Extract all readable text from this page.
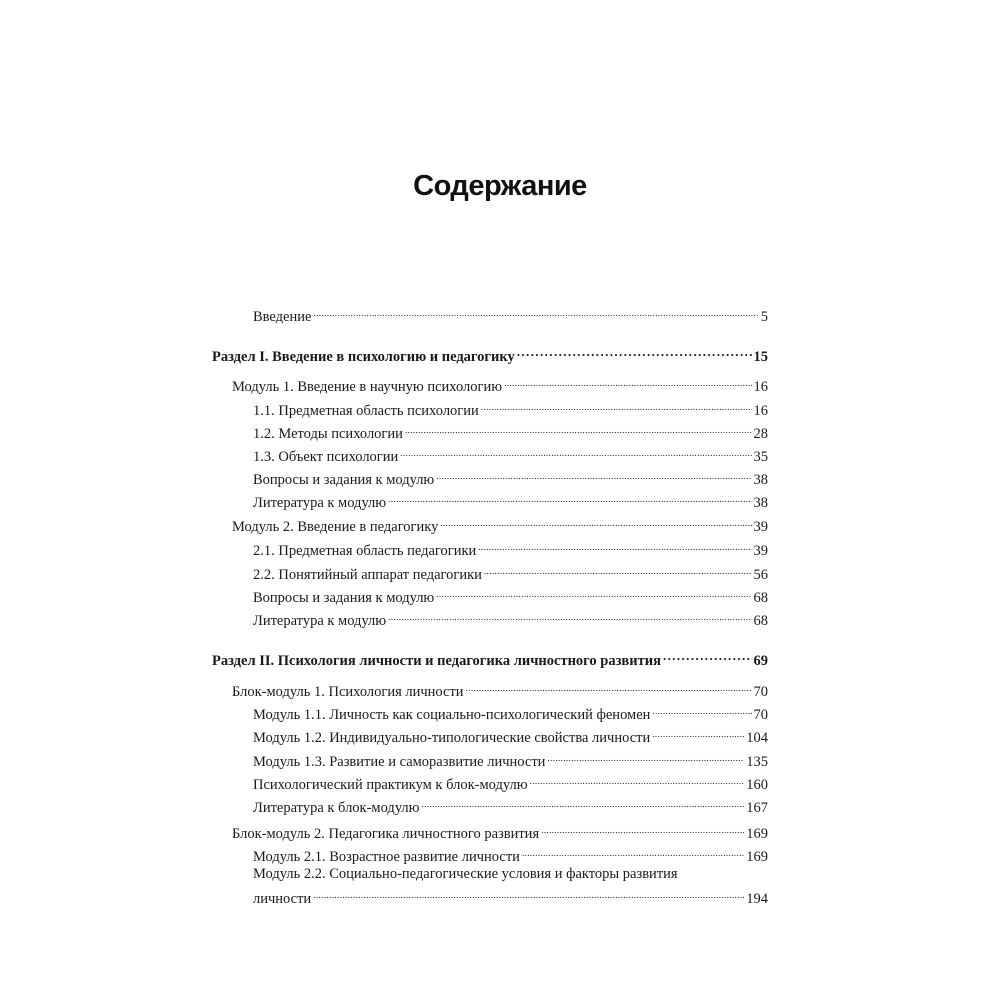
Содержание
Введение .....	5
Раздел I. Введение в психологию и педагогику .....	15
Модуль 1. Введение в научную психологию .....	16
1.1. Предметная область психологии .....	16
1.2. Методы психологии .....	28
1.3. Объект психологии .....	35
Вопросы и задания к модулю .....	38
Литература к модулю .....	38
Модуль 2. Введение в педагогику .....	39
2.1. Предметная область педагогики .....	39
2.2. Понятийный аппарат педагогики .....	56
Вопросы и задания к модулю .....	68
Литература к модулю .....	68
Раздел II. Психология личности и педагогика личностного развития .....	69
Блок-модуль 1. Психология личности .....	70
Модуль 1.1. Личность как социально-психологический феномен .....	70
Модуль 1.2. Индивидуально-типологические свойства личности .....	104
Модуль 1.3. Развитие и саморазвитие личности .....	135
Психологический практикум к блок-модулю .....	160
Литература к блок-модулю .....	167
Блок-модуль 2. Педагогика личностного развития .....	169
Модуль 2.1. Возрастное развитие личности .....	169
Модуль 2.2. Социально-педагогические условия и факторы развития
личности .....	194
